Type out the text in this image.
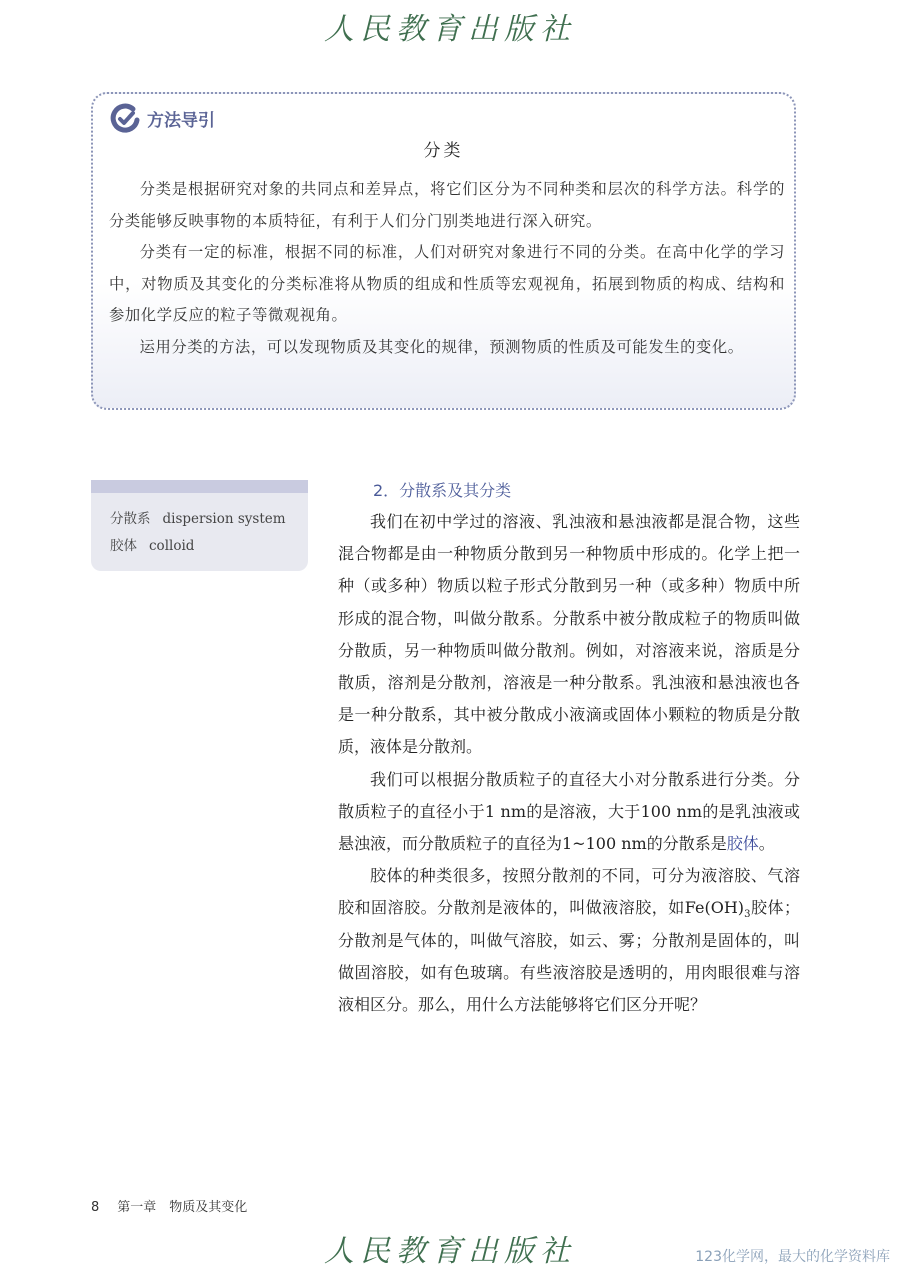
人民教育出版社
方法导引
分类

分类是根据研究对象的共同点和差异点，将它们区分为不同种类和层次的科学方法。科学的分类能够反映事物的本质特征，有利于人们分门别类地进行深入研究。

分类有一定的标准，根据不同的标准，人们对研究对象进行不同的分类。在高中化学的学习中，对物质及其变化的分类标准将从物质的组成和性质等宏观视角，拓展到物质的构成、结构和参加化学反应的粒子等微观视角。

运用分类的方法，可以发现物质及其变化的规律，预测物质的性质及可能发生的变化。

分散系 dispersion system
胶体 colloid
2．分散系及其分类

我们在初中学过的溶液、乳浊液和悬浊液都是混合物，这些混合物都是由一种物质分散到另一种物质中形成的。化学上把一种（或多种）物质以粒子形式分散到另一种（或多种）物质中所形成的混合物，叫做分散系。分散系中被分散成粒子的物质叫做分散质，另一种物质叫做分散剂。例如，对溶液来说，溶质是分散质，溶剂是分散剂，溶液是一种分散系。乳浊液和悬浊液也各是一种分散系，其中被分散成小液滴或固体小颗粒的物质是分散质，液体是分散剂。

我们可以根据分散质粒子的直径大小对分散系进行分类。分散质粒子的直径小于1 nm的是溶液，大于100 nm的是乳浊液或悬浊液，而分散质粒子的直径为1~100 nm的分散系是胶体。

胶体的种类很多，按照分散剂的不同，可分为液溶胶、气溶胶和固溶胶。分散剂是液体的，叫做液溶胶，如$Fe(OH)_3$胶体；分散剂是气体的，叫做气溶胶，如云、雾；分散剂是固体的，叫做固溶胶，如有色玻璃。有些液溶胶是透明的，用肉眼很难与溶液相区分。那么，用什么方法能够将它们区分开呢？

8 第一章　物质及其变化
人民教育出版社	123化学网，最大的化学资料库
